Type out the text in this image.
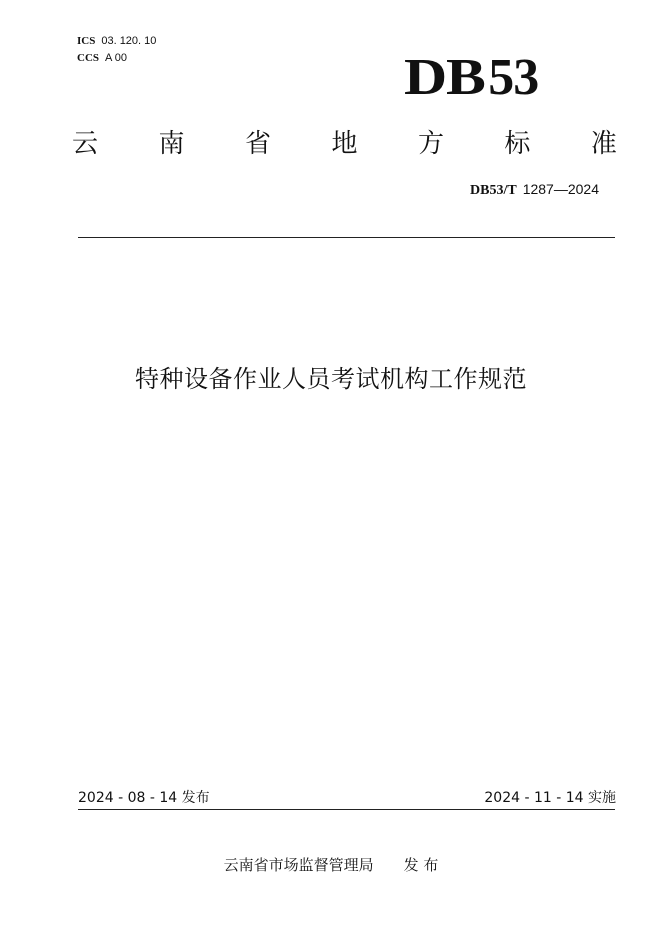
ICS 03. 120. 10
CCS A 00	DB53
云 南 省 地 方 标 准
DB53/T 1287—2024
特种设备作业人员考试机构工作规范
2024 - 08 - 14 发布	2024 - 11 - 14 实施
云南省市场监督管理局 发 布
